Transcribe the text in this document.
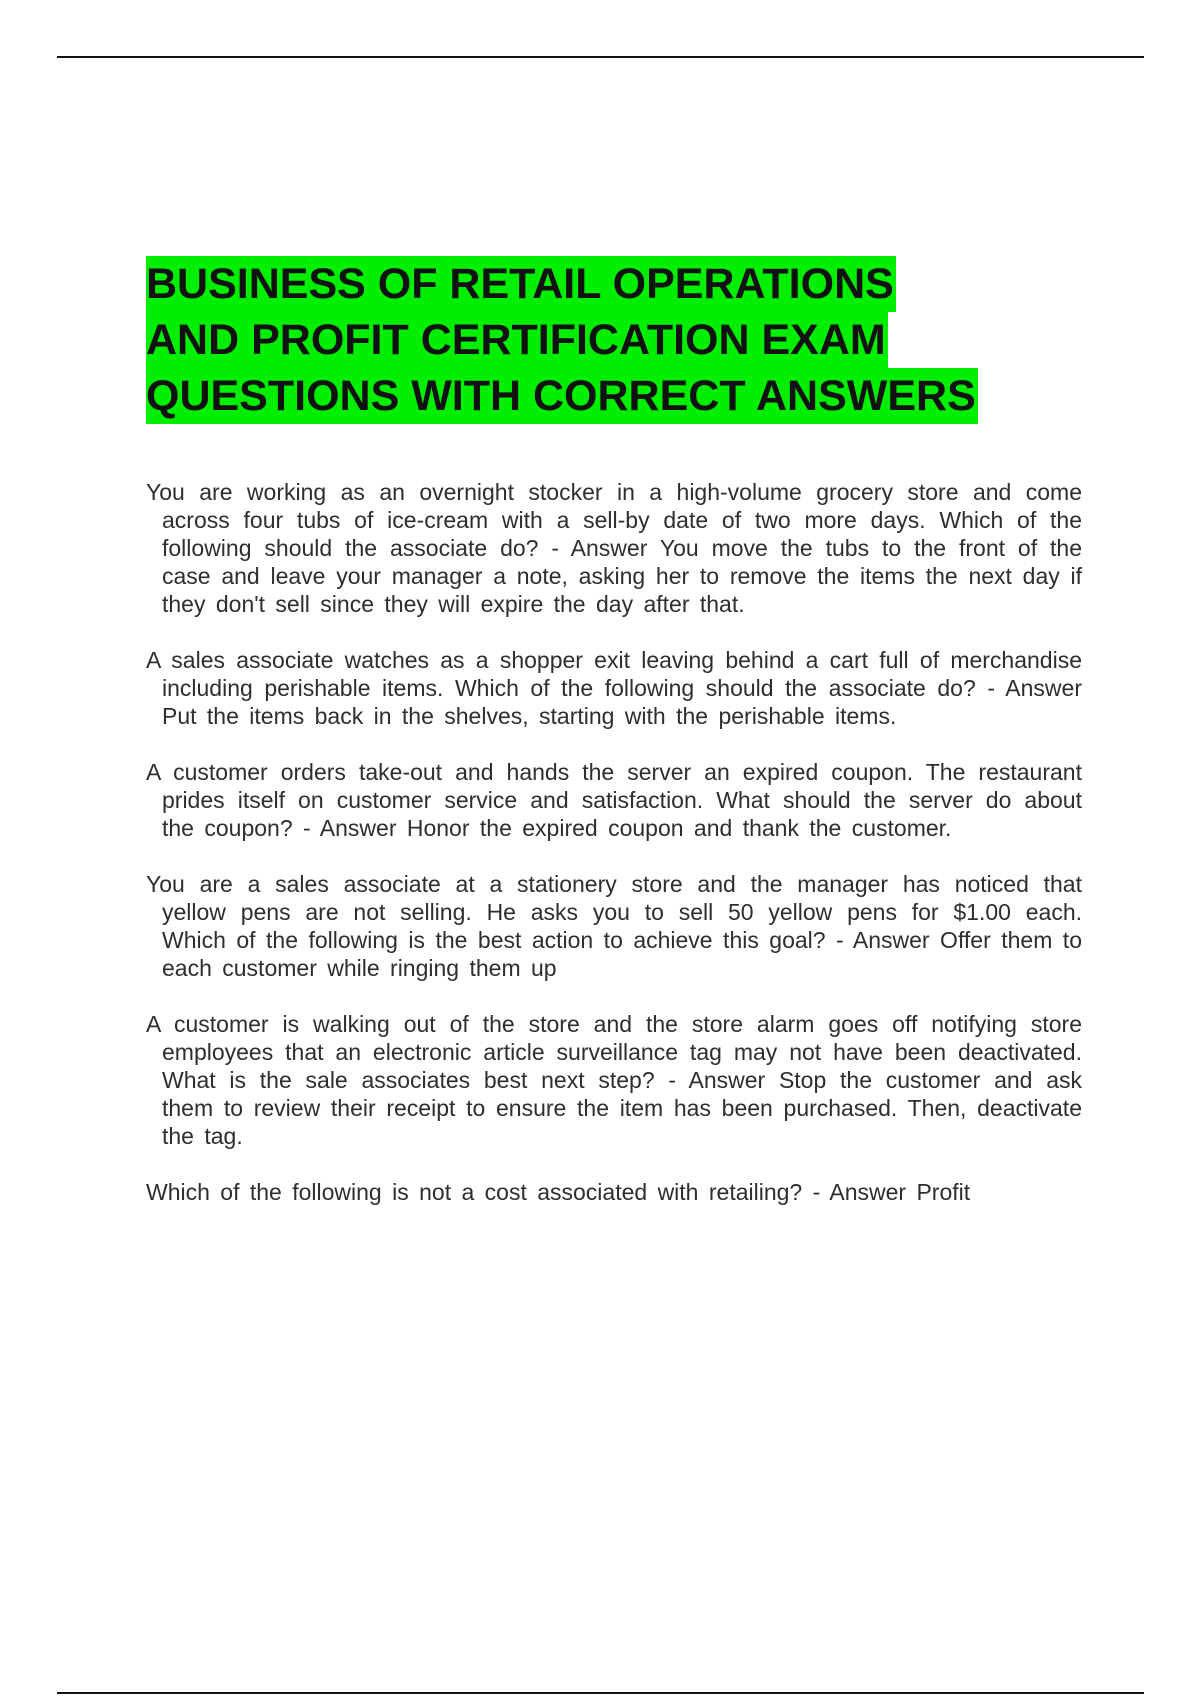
BUSINESS OF RETAIL OPERATIONS
AND PROFIT CERTIFICATION EXAM
QUESTIONS WITH CORRECT ANSWERS

You are working as an overnight stocker in a high-volume grocery store and come across four tubs of ice-cream with a sell-by date of two more days. Which of the following should the associate do? - Answer You move the tubs to the front of the case and leave your manager a note, asking her to remove the items the next day if they don't sell since they will expire the day after that.

A sales associate watches as a shopper exit leaving behind a cart full of merchandise including perishable items. Which of the following should the associate do? - Answer Put the items back in the shelves, starting with the perishable items.

A customer orders take-out and hands the server an expired coupon. The restaurant prides itself on customer service and satisfaction. What should the server do about the coupon? - Answer Honor the expired coupon and thank the customer.

You are a sales associate at a stationery store and the manager has noticed that yellow pens are not selling. He asks you to sell 50 yellow pens for $1.00 each. Which of the following is the best action to achieve this goal? - Answer Offer them to each customer while ringing them up

A customer is walking out of the store and the store alarm goes off notifying store employees that an electronic article surveillance tag may not have been deactivated. What is the sale associates best next step? - Answer Stop the customer and ask them to review their receipt to ensure the item has been purchased. Then, deactivate the tag.

Which of the following is not a cost associated with retailing? - Answer Profit
